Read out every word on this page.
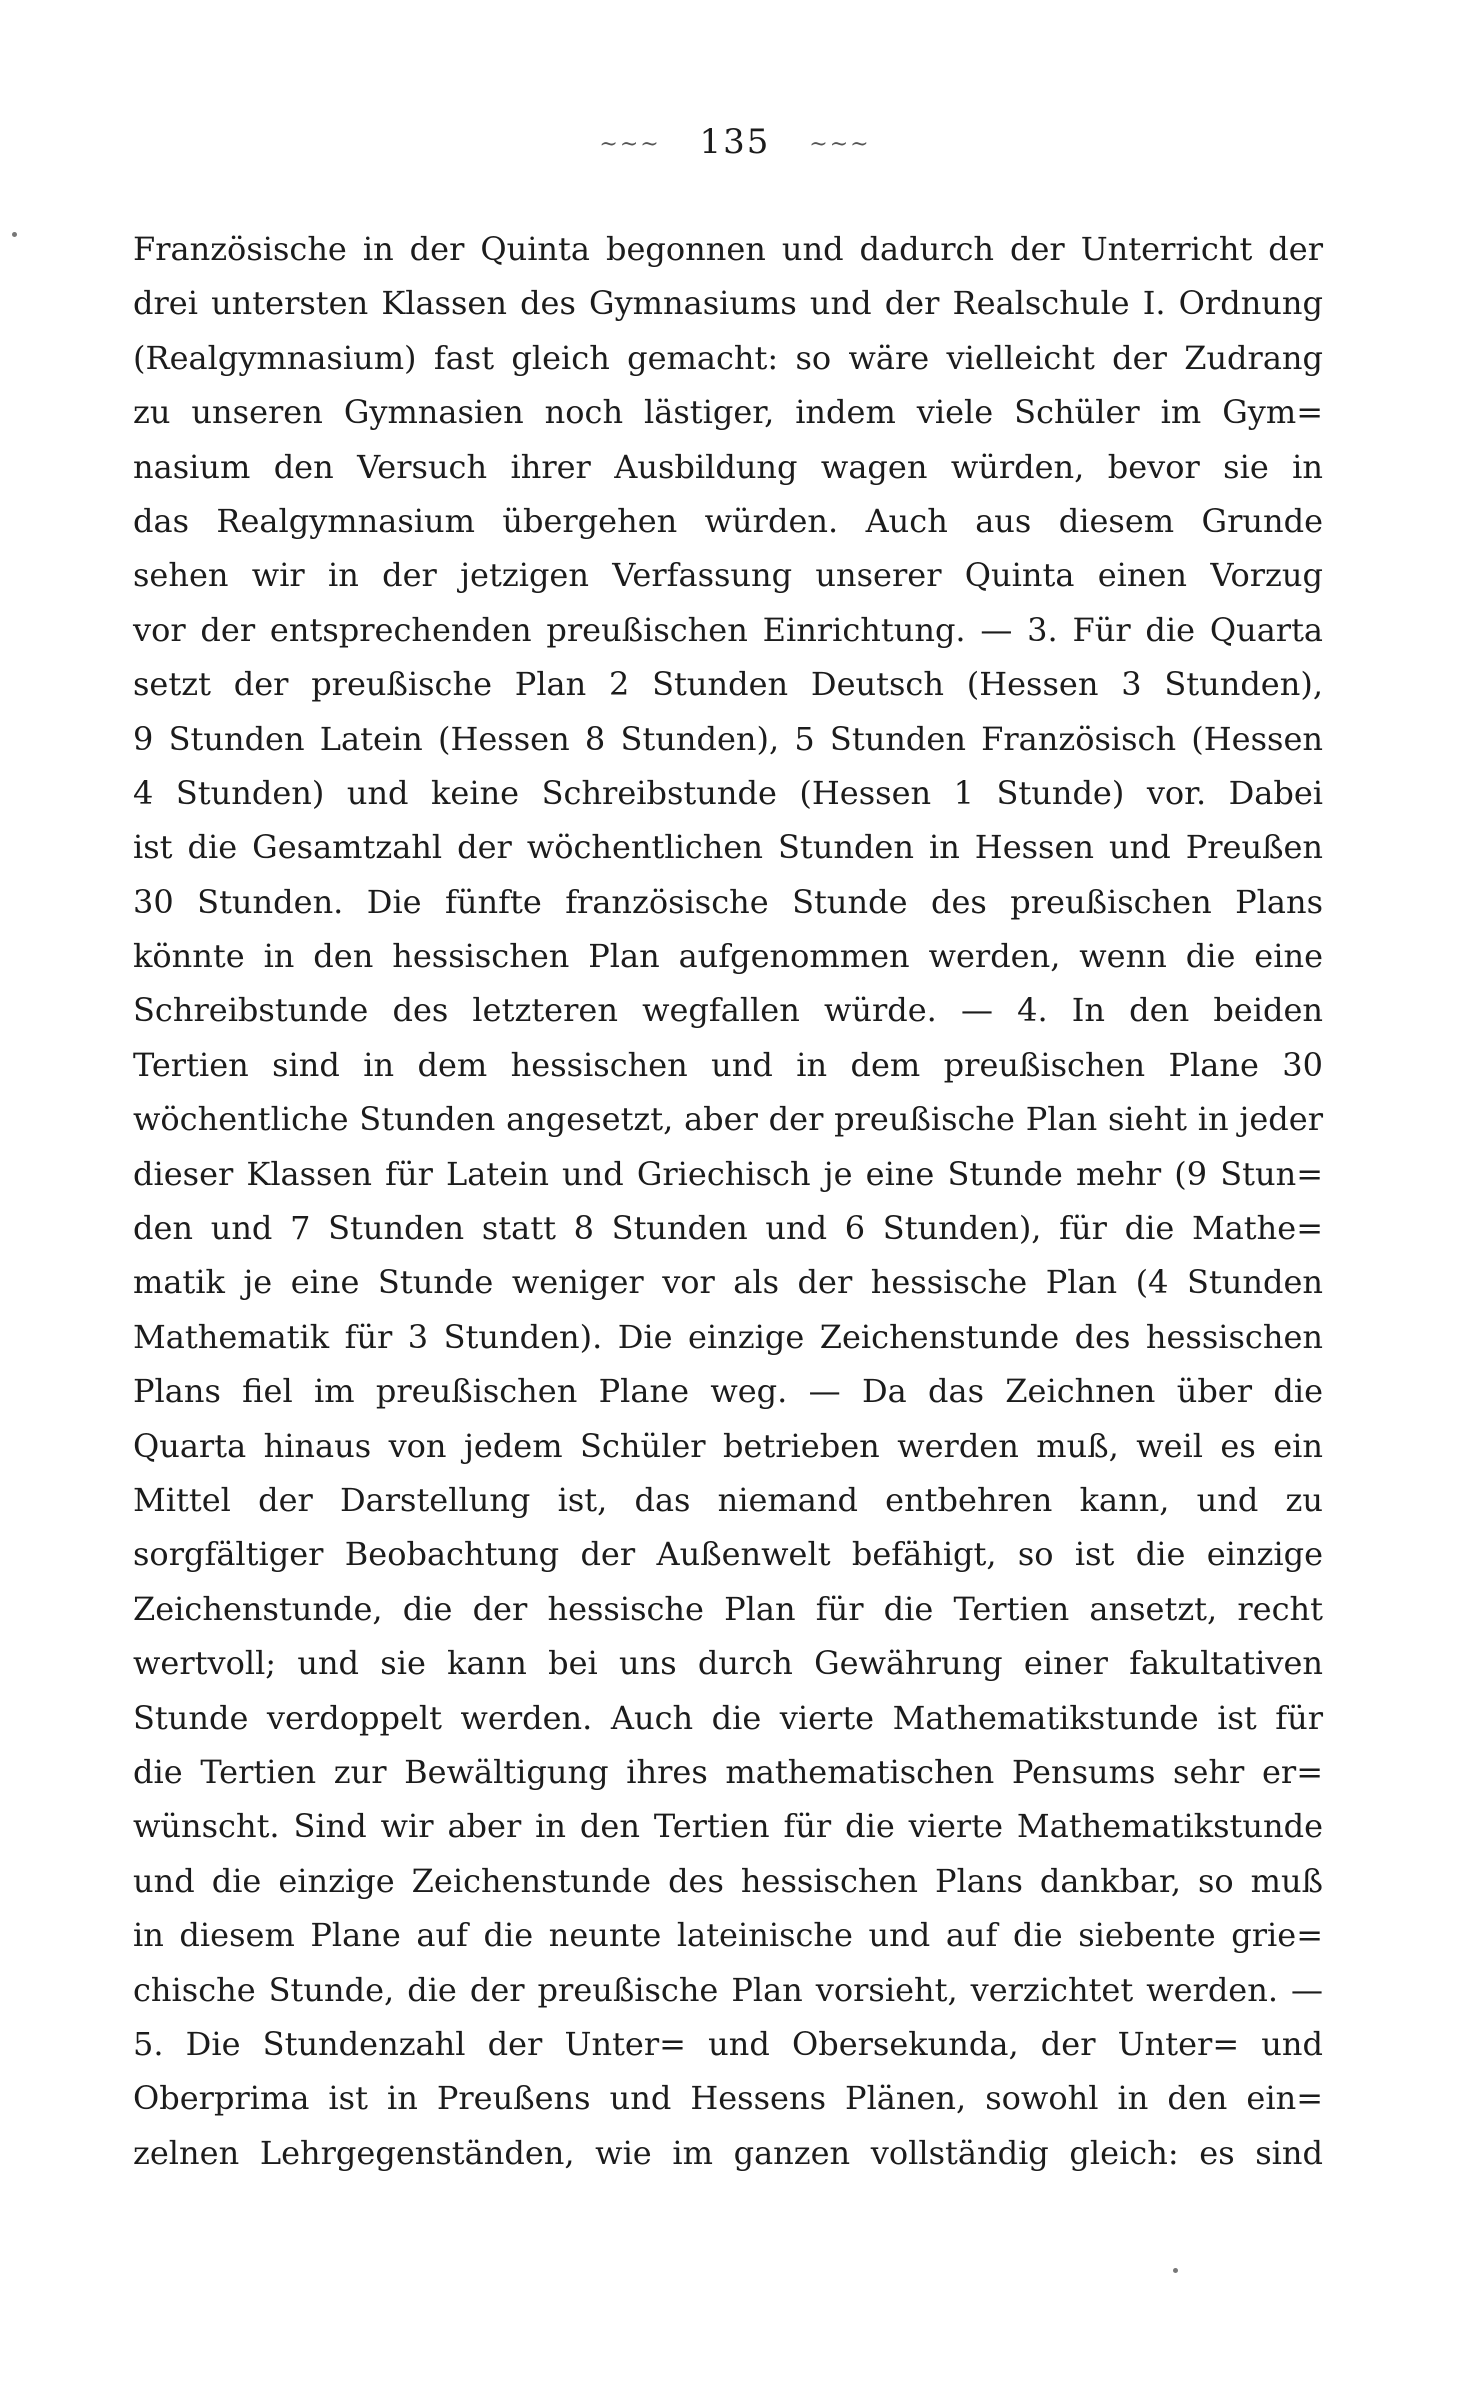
~~~ 135 ~~~
Französische in der Quinta begonnen und dadurch der Unterricht der
drei untersten Klassen des Gymnasiums und der Realschule I. Ordnung
(Realgymnasium) fast gleich gemacht: so wäre vielleicht der Zudrang
zu unseren Gymnasien noch lästiger, indem viele Schüler im Gym=
nasium den Versuch ihrer Ausbildung wagen würden, bevor sie in
das Realgymnasium übergehen würden. Auch aus diesem Grunde
sehen wir in der jetzigen Verfassung unserer Quinta einen Vorzug
vor der entsprechenden preußischen Einrichtung. — 3. Für die Quarta
setzt der preußische Plan 2 Stunden Deutsch (Hessen 3 Stunden),
9 Stunden Latein (Hessen 8 Stunden), 5 Stunden Französisch (Hessen
4 Stunden) und keine Schreibstunde (Hessen 1 Stunde) vor. Dabei
ist die Gesamtzahl der wöchentlichen Stunden in Hessen und Preußen
30 Stunden. Die fünfte französische Stunde des preußischen Plans
könnte in den hessischen Plan aufgenommen werden, wenn die eine
Schreibstunde des letzteren wegfallen würde. — 4. In den beiden
Tertien sind in dem hessischen und in dem preußischen Plane 30
wöchentliche Stunden angesetzt, aber der preußische Plan sieht in jeder
dieser Klassen für Latein und Griechisch je eine Stunde mehr (9 Stun=
den und 7 Stunden statt 8 Stunden und 6 Stunden), für die Mathe=
matik je eine Stunde weniger vor als der hessische Plan (4 Stunden
Mathematik für 3 Stunden). Die einzige Zeichenstunde des hessischen
Plans fiel im preußischen Plane weg. — Da das Zeichnen über die
Quarta hinaus von jedem Schüler betrieben werden muß, weil es ein
Mittel der Darstellung ist, das niemand entbehren kann, und zu
sorgfältiger Beobachtung der Außenwelt befähigt, so ist die einzige
Zeichenstunde, die der hessische Plan für die Tertien ansetzt, recht
wertvoll; und sie kann bei uns durch Gewährung einer fakultativen
Stunde verdoppelt werden. Auch die vierte Mathematikstunde ist für
die Tertien zur Bewältigung ihres mathematischen Pensums sehr er=
wünscht. Sind wir aber in den Tertien für die vierte Mathematikstunde
und die einzige Zeichenstunde des hessischen Plans dankbar, so muß
in diesem Plane auf die neunte lateinische und auf die siebente grie=
chische Stunde, die der preußische Plan vorsieht, verzichtet werden. —
5. Die Stundenzahl der Unter= und Obersekunda, der Unter= und
Oberprima ist in Preußens und Hessens Plänen, sowohl in den ein=
zelnen Lehrgegenständen, wie im ganzen vollständig gleich: es sind
